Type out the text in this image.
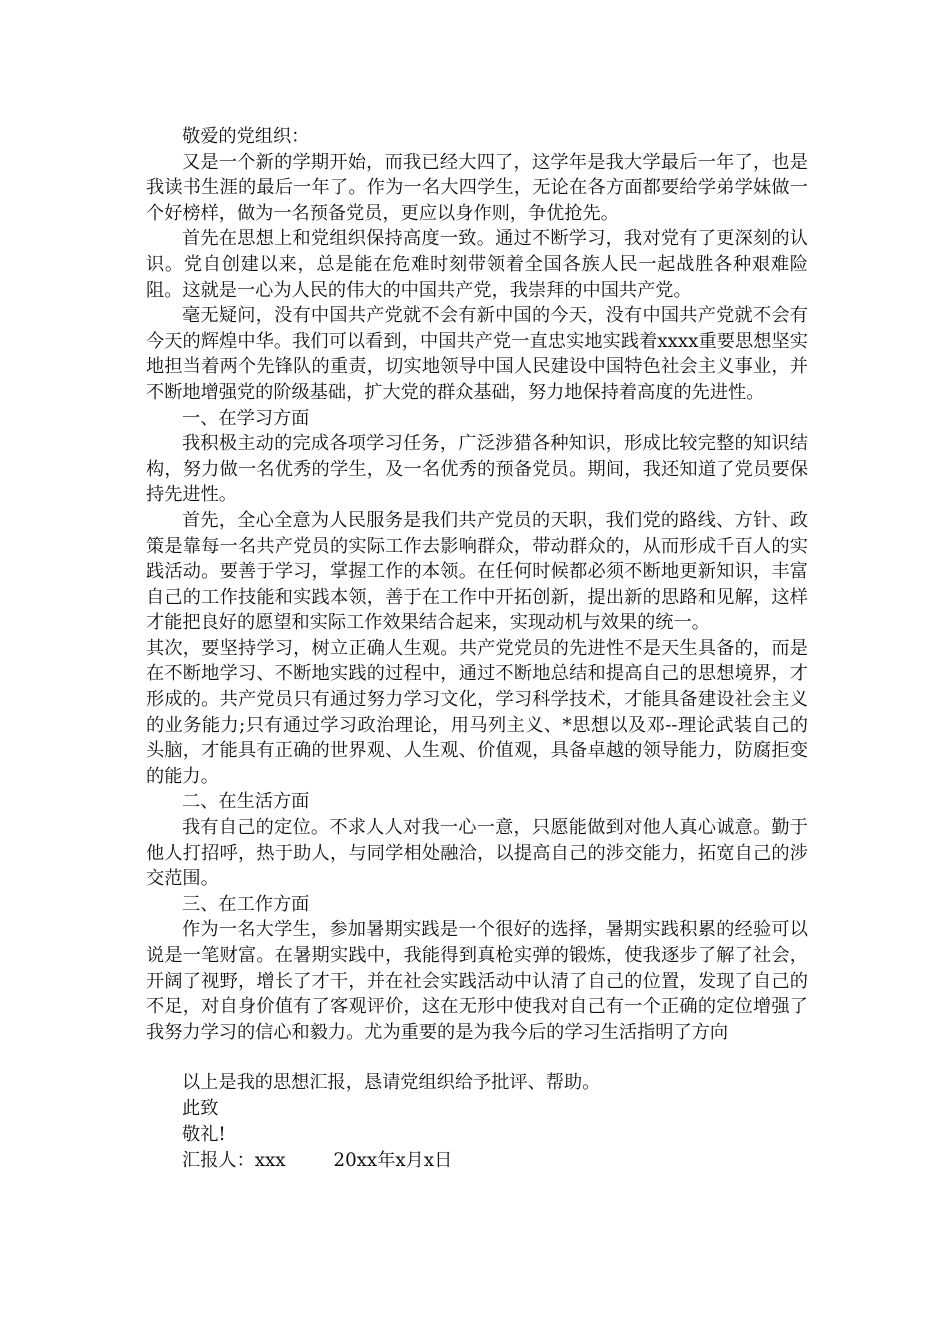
敬爱的党组织：

又是一个新的学期开始，而我已经大四了，这学年是我大学最后一年了，也是我读书生涯的最后一年了。作为一名大四学生，无论在各方面都要给学弟学妹做一个好榜样，做为一名预备党员，更应以身作则，争优抢先。

首先在思想上和党组织保持高度一致。通过不断学习，我对党有了更深刻的认识。党自创建以来，总是能在危难时刻带领着全国各族人民一起战胜各种艰难险阻。这就是一心为人民的伟大的中国共产党，我崇拜的中国共产党。

毫无疑问，没有中国共产党就不会有新中国的今天，没有中国共产党就不会有今天的辉煌中华。我们可以看到，中国共产党一直忠实地实践着xxxx重要思想坚实地担当着两个先锋队的重责，切实地领导中国人民建设中国特色社会主义事业，并不断地增强党的阶级基础，扩大党的群众基础，努力地保持着高度的先进性。

一、在学习方面

我积极主动的完成各项学习任务，广泛涉猎各种知识，形成比较完整的知识结构，努力做一名优秀的学生，及一名优秀的预备党员。期间，我还知道了党员要保持先进性。

首先，全心全意为人民服务是我们共产党员的天职，我们党的路线、方针、政策是靠每一名共产党员的实际工作去影响群众，带动群众的，从而形成千百人的实践活动。要善于学习，掌握工作的本领。在任何时候都必须不断地更新知识，丰富自己的工作技能和实践本领，善于在工作中开拓创新，提出新的思路和见解，这样才能把良好的愿望和实际工作效果结合起来，实现动机与效果的统一。

其次，要坚持学习，树立正确人生观。共产党党员的先进性不是天生具备的，而是在不断地学习、不断地实践的过程中，通过不断地总结和提高自己的思想境界，才形成的。共产党员只有通过努力学习文化，学习科学技术，才能具备建设社会主义的业务能力;只有通过学习政治理论，用马列主义、*思想以及邓--理论武装自己的头脑，才能具有正确的世界观、人生观、价值观，具备卓越的领导能力，防腐拒变的能力。

二、在生活方面

我有自己的定位。不求人人对我一心一意，只愿能做到对他人真心诚意。勤于他人打招呼，热于助人，与同学相处融洽，以提高自己的涉交能力，拓宽自己的涉交范围。

三、在工作方面

作为一名大学生，参加暑期实践是一个很好的选择，暑期实践积累的经验可以说是一笔财富。在暑期实践中，我能得到真枪实弹的锻炼，使我逐步了解了社会，开阔了视野，增长了才干，并在社会实践活动中认清了自己的位置，发现了自己的不足，对自身价值有了客观评价，这在无形中使我对自己有一个正确的定位增强了我努力学习的信心和毅力。尤为重要的是为我今后的学习生活指明了方向

以上是我的思想汇报，恳请党组织给予批评、帮助。

此致

敬礼!

汇报人：xxx	20xx年x月x日
